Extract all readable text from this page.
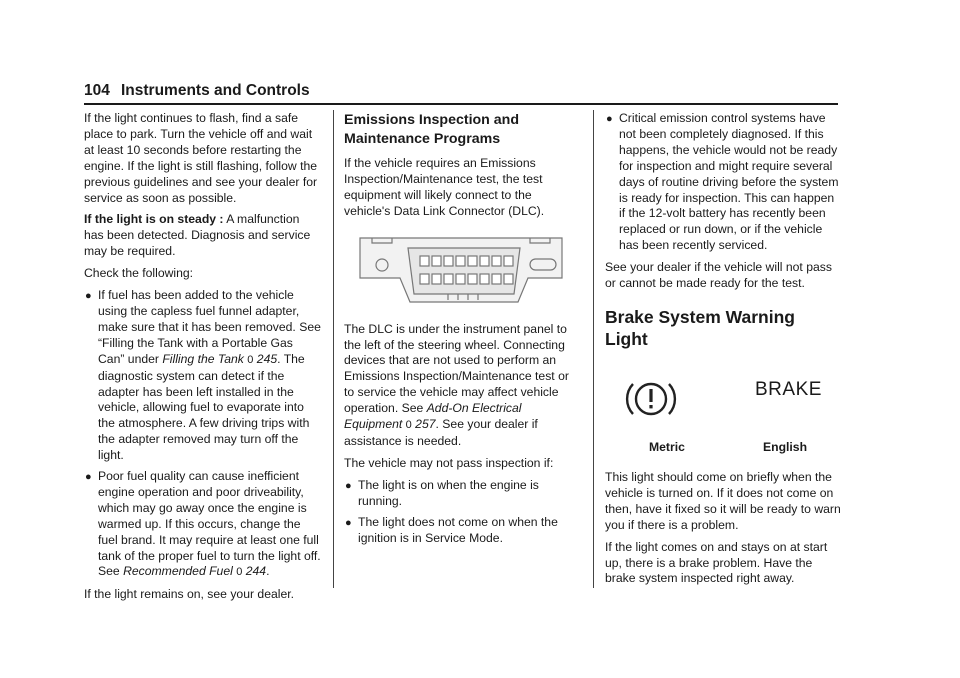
104 Instruments and Controls

If the light continues to flash, find a safe place to park. Turn the vehicle off and wait at least 10 seconds before restarting the engine. If the light is still flashing, follow the previous guidelines and see your dealer for service as soon as possible.

If the light is on steady : A malfunction has been detected. Diagnosis and service may be required.

Check the following:

● If fuel has been added to the vehicle using the capless fuel funnel adapter, make sure that it has been removed. See “Filling the Tank with a Portable Gas Can” under Filling the Tank 0 245. The diagnostic system can detect if the adapter has been left installed in the vehicle, allowing fuel to evaporate into the atmosphere. A few driving trips with the adapter removed may turn off the light.
● Poor fuel quality can cause inefficient engine operation and poor driveability, which may go away once the engine is warmed up. If this occurs, change the fuel brand. It may require at least one full tank of the proper fuel to turn the light off. See Recommended Fuel 0 244.

If the light remains on, see your dealer.

Emissions Inspection and Maintenance Programs

If the vehicle requires an Emissions Inspection/Maintenance test, the test equipment will likely connect to the vehicle's Data Link Connector (DLC).

The DLC is under the instrument panel to the left of the steering wheel. Connecting devices that are not used to perform an Emissions Inspection/Maintenance test or to service the vehicle may affect vehicle operation. See Add-On Electrical Equipment 0 257. See your dealer if assistance is needed.

The vehicle may not pass inspection if:

● The light is on when the engine is running.
● The light does not come on when the ignition is in Service Mode.
● Critical emission control systems have not been completely diagnosed. If this happens, the vehicle would not be ready for inspection and might require several days of routine driving before the system is ready for inspection. This can happen if the 12-volt battery has recently been replaced or run down, or if the vehicle has been recently serviced.

See your dealer if the vehicle will not pass or cannot be made ready for the test.

Brake System Warning Light
BRAKE
Metric	English

This light should come on briefly when the vehicle is turned on. If it does not come on then, have it fixed so it will be ready to warn you if there is a problem.

If the light comes on and stays on at start up, there is a brake problem. Have the brake system inspected right away.
